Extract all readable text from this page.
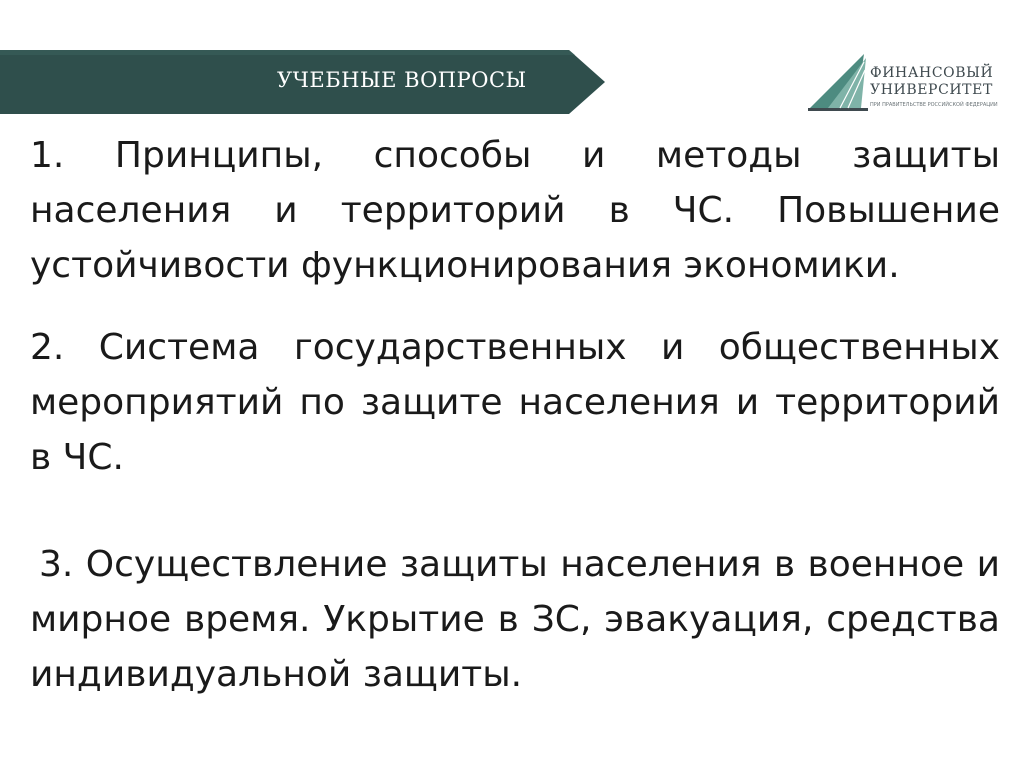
УЧЕБНЫЕ ВОПРОСЫ	ФИНАНСОВЫЙ
УНИВЕРСИТЕТ
ПРИ ПРАВИТЕЛЬСТВЕ РОССИЙСКОЙ ФЕДЕРАЦИИ

1. Принципы, способы и методы защиты населения и территорий в ЧС. Повышение устойчивости функционирования экономики.

2. Система государственных и общественных мероприятий по защите населения и территорий в ЧС.

3. Осуществление защиты населения в военное и мирное время. Укрытие в ЗС, эвакуация, средства индивидуальной защиты.
